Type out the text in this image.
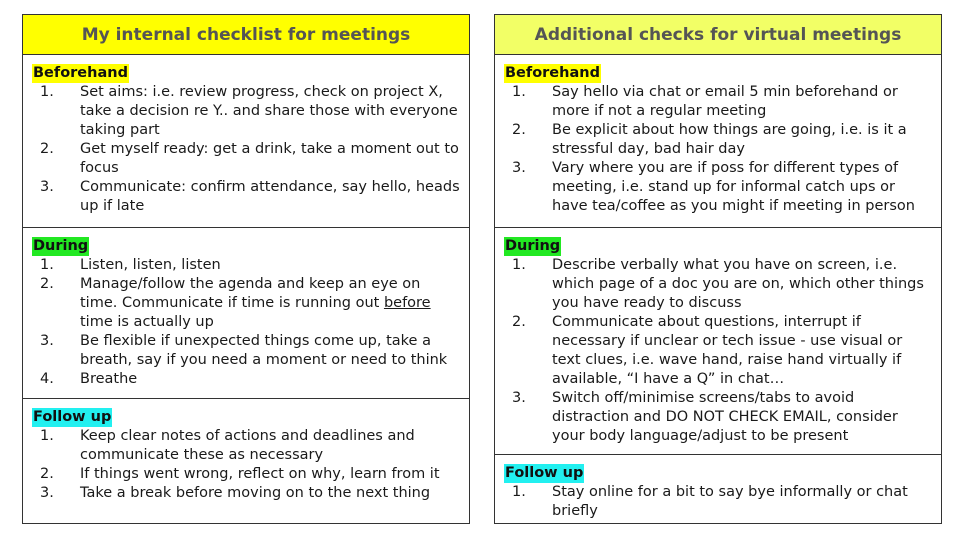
My internal checklist for meetings
Beforehand
1.	Set aims: i.e. review progress, check on project X, take a decision re Y.. and share those with everyone taking part
2.	Get myself ready: get a drink, take a moment out to focus
3.	Communicate: confirm attendance, say hello, heads up if late
During
1.	Listen, listen, listen
2.	Manage/follow the agenda and keep an eye on time. Communicate if time is running out before time is actually up
3.	Be flexible if unexpected things come up, take a breath, say if you need a moment or need to think
4.	Breathe
Follow up
1.	Keep clear notes of actions and deadlines and communicate these as necessary
2.	If things went wrong, reflect on why, learn from it
3.	Take a break before moving on to the next thing
Additional checks for virtual meetings
Beforehand
1.	Say hello via chat or email 5 min beforehand or more if not a regular meeting
2.	Be explicit about how things are going, i.e. is it a stressful day, bad hair day
3.	Vary where you are if poss for different types of meeting, i.e. stand up for informal catch ups or have tea/coffee as you might if meeting in person
During
1.	Describe verbally what you have on screen, i.e. which page of a doc you are on, which other things you have ready to discuss
2.	Communicate about questions, interrupt if necessary if unclear or tech issue - use visual or text clues, i.e. wave hand, raise hand virtually if available, “I have a Q” in chat…
3.	Switch off/minimise screens/tabs to avoid distraction and DO NOT CHECK EMAIL, consider your body language/adjust to be present
Follow up
1.	Stay online for a bit to say bye informally or chat briefly
